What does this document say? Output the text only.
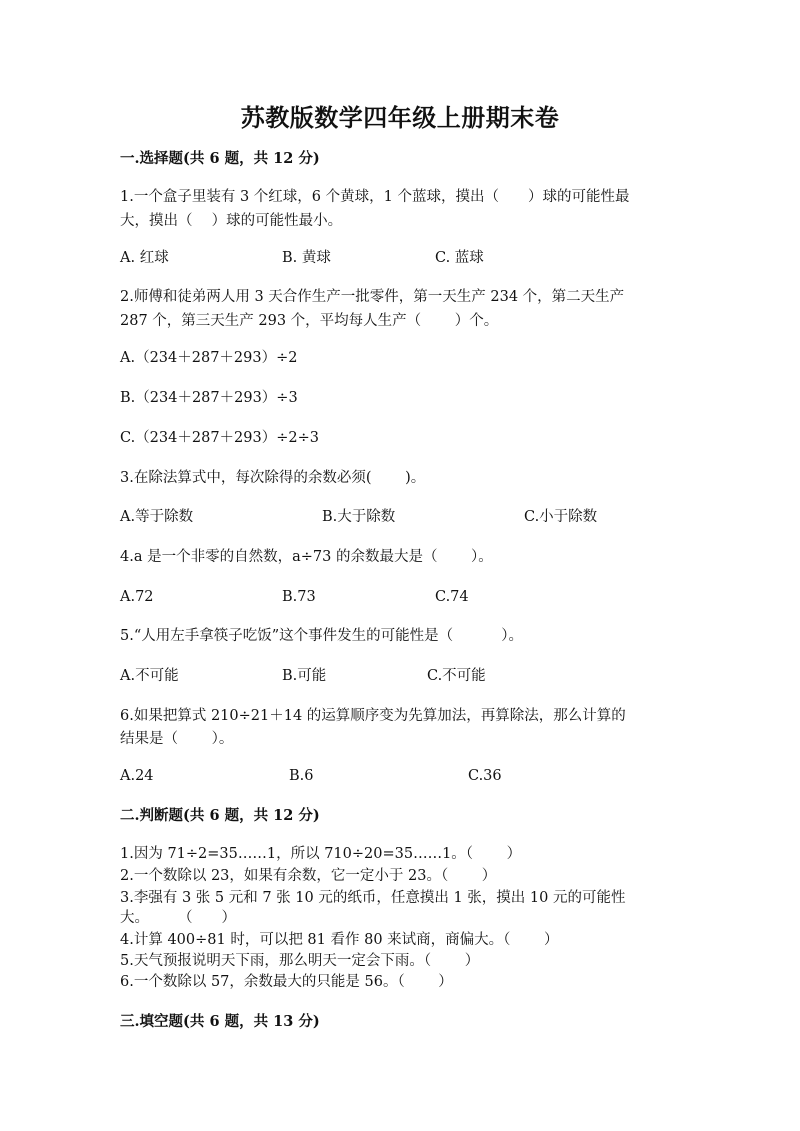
苏教版数学四年级上册期末卷
一.选择题(共 6 题，共 12 分)
1.一个盒子里装有 3 个红球，6 个黄球，1 个蓝球，摸出（　　）球的可能性最
大，摸出（　 ）球的可能性最小。
A. 红球	B. 黄球	C. 蓝球
2.师傅和徒弟两人用 3 天合作生产一批零件，第一天生产 234 个，第二天生产
287 个，第三天生产 293 个，平均每人生产（　　 ）个。
A.（234＋287＋293）÷2
B.（234＋287＋293）÷3
C.（234＋287＋293）÷2÷3
3.在除法算式中，每次除得的余数必须(　　 )。
A.等于除数	B.大于除数	C.小于除数
4.a 是一个非零的自然数，a÷73 的余数最大是（　　 ）。
A.72	B.73	C.74
5.“人用左手拿筷子吃饭”这个事件发生的可能性是（　　　 ）。
A.不可能	B.可能	C.不可能
6.如果把算式 210÷21＋14 的运算顺序变为先算加法，再算除法，那么计算的
结果是（　　 ）。
A.24	B.6	C.36
二.判断题(共 6 题，共 12 分)
1.因为 71÷2=35……1，所以 710÷20=35……1。（　　 ）
2.一个数除以 23，如果有余数，它一定小于 23。（　　 ）
3.李强有 3 张 5 元和 7 张 10 元的纸币，任意摸出 1 张，摸出 10 元的可能性
大。　　　（　　）
4.计算 400÷81 时，可以把 81 看作 80 来试商，商偏大。（　　 ）
5.天气预报说明天下雨，那么明天一定会下雨。（　　 ）
6.一个数除以 57，余数最大的只能是 56。（　　 ）
三.填空题(共 6 题，共 13 分)
